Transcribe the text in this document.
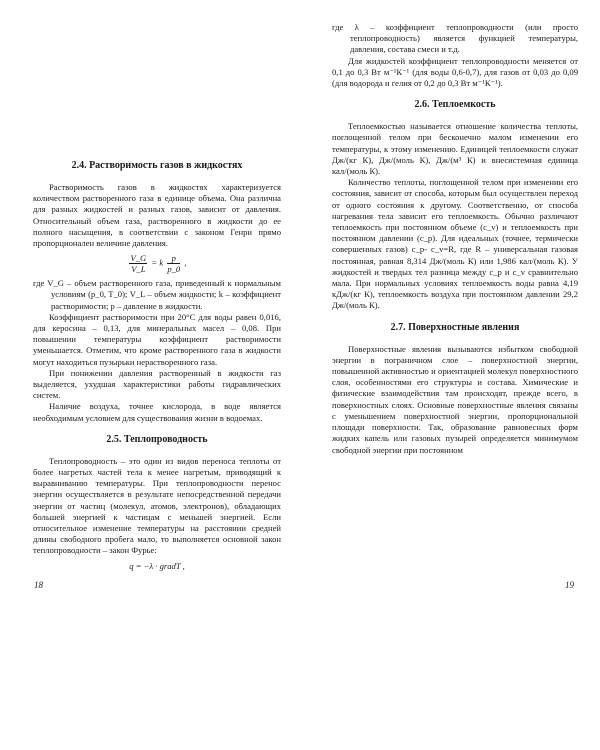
2.4. Растворимость газов в жидкостях

Растворимость газов в жидкостях характеризуется количеством растворенного газа в единице объема. Она различна для разных жидкостей и разных газов, зависит от давления. Относительный объем газа, растворенного в жидкости до ее полного насыщения, в соответствии с законом Генри прямо пропорционален величине давления.

$\frac{V\_G}{V\_L} = k \frac{p}{p\_0}$ ,

где V_G – объем растворенного газа, приведенный к нормальным условиям (p_0, T_0); V_L – объем жидкости; k – коэффициент растворимости; p – давление в жидкости.

Коэффициент растворимости при 20°С для воды равен 0,016, для керосина – 0,13, для минеральных масел – 0,08. При повышении температуры коэффициент растворимости уменьшается. Отметим, что кроме растворенного газа в жидкости могут находиться пузырьки нерастворенного газа.

При понижении давления растворенный в жидкости газ выделяется, ухудшая характеристики работы гидравлических систем.

Наличие воздуха, точнее кислорода, в воде является необходимым условием для существования жизни в водоемах.

2.5. Теплопроводность

Теплопроводность – это один из видов переноса теплоты от более нагретых частей тела к менее нагретым, приводящий к выравниванию температуры. При теплопроводности перенос энергии осуществляется в результате непосредственной передачи энергии от частиц (молекул, атомов, электронов), обладающих большей энергией к частицам с меньшей энергией. Если относительное изменение температуры на расстоянии средней длины свободного пробега мало, то выполняется основной закон теплопроводности – закон Фурье:

q = −λ · gradT ,
18

где λ – коэффициент теплопроводности (или просто теплопроводность) является функцией температуры, давления, состава смеси и т.д.

Для жидкостей коэффициент теплопроводности меняется от 0,1 до 0,3 Вт м⁻¹К⁻¹ (для воды 0,6-0,7), для газов от 0,03 до 0,09 (для водорода и гелия от 0,2 до 0,3 Вт м⁻¹К⁻¹).

2.6. Теплоемкость

Теплоемкостью называется отношение количества теплоты, поглощенной телом при бесконечно малом изменении его температуры, к этому изменению. Единицей теплоемкости служат Дж/(кг К), Дж/(моль К), Дж/(м³ К) и внесистемная единица кал/(моль К).

Количество теплоты, поглощенной телом при изменении его состояния, зависит от способа, которым был осуществлен переход от одного состояния к другому. Соответственно, от способа нагревания тела зависит его теплоемкость. Обычно различают теплоемкость при постоянном объеме (c_v) и теплоемкость при постоянном давлении (c_p). Для идеальных (точнее, термически совершенных газов) c_p- c_v=R, где R – универсальная газовая постоянная, равная 8,314 Дж/(моль К) или 1,986 кал/(моль К). У жидкостей и твердых тел разница между c_p и c_v сравнительно мала. При нормальных условиях теплоемкость воды равна 4,19 кДж/(кг К), теплоемкость воздуха при постоянном давлении 29,2 Дж/(моль К).

2.7. Поверхностные явления

Поверхностные явления вызываются избытком свободной энергии в пограничном слое – поверхностной энергии, повышенной активностью и ориентацией молекул поверхностного слоя, особенностями его структуры и состава. Химические и физические взаимодействия там происходят, прежде всего, в поверхностных слоях. Основные поверхностные явления связаны с уменьшением поверхностной энергии, пропорциональной площади поверхности. Так, образование равновесных форм жидких капель или газовых пузырей определяется минимумом свободной энергии при постоянном

19
